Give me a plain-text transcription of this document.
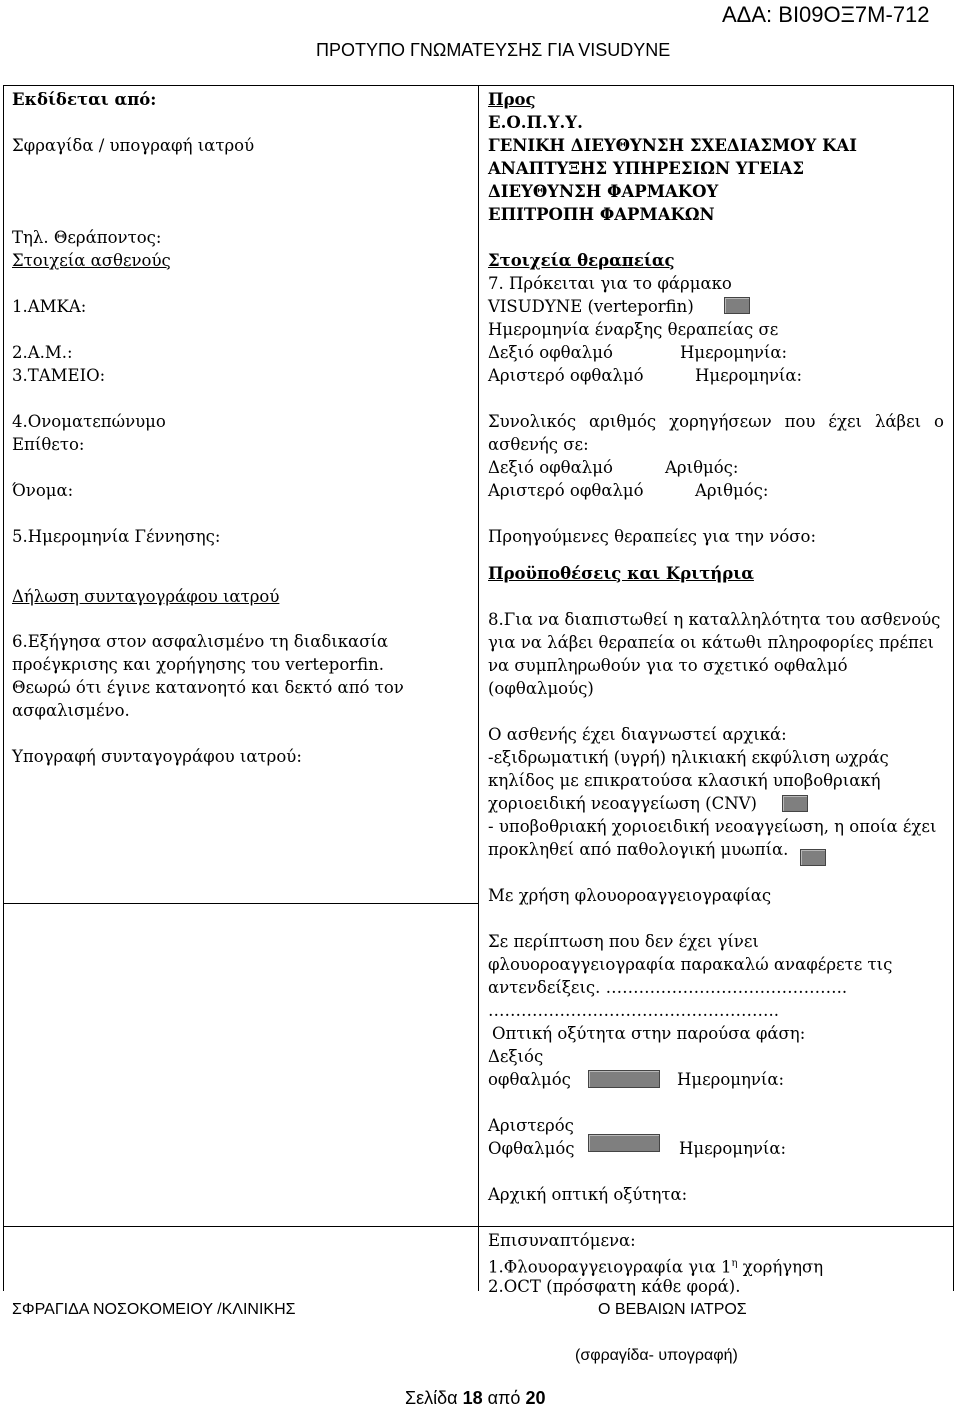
ΑΔΑ: ΒΙ09ΟΞ7Μ-712
ΠΡΟΤΥΠΟ ΓΝΩΜΑΤΕΥΣΗΣ ΓΙΑ VISUDYNE
Εκδίδεται από:
Σφραγίδα / υπογραφή ιατρού
Τηλ. Θεράποντος:
Στοιχεία ασθενούς
1.ΑΜΚΑ:
2.Α.Μ.:
3.ΤΑΜΕΙΟ:
4.Ονοματεπώνυμο
Επίθετο:
Όνομα:
5.Ημερομηνία Γέννησης:
Δήλωση συνταγογράφου ιατρού
6.Εξήγησα στον ασφαλισμένο τη διαδικασία
προέγκρισης και χορήγησης του verteporfin.
Θεωρώ ότι έγινε κατανοητό και δεκτό από τον
ασφαλισμένο.
Υπογραφή συνταγογράφου ιατρού:
Προς
Ε.Ο.Π.Υ.Υ.
ΓΕΝΙΚΗ ΔΙΕΥΘΥΝΣΗ ΣΧΕΔΙΑΣΜΟΥ ΚΑΙ
ΑΝΑΠΤΥΞΗΣ ΥΠΗΡΕΣΙΩΝ ΥΓΕΙΑΣ
ΔΙΕΥΘΥΝΣΗ ΦΑΡΜΑΚΟΥ
ΕΠΙΤΡΟΠΗ ΦΑΡΜΑΚΩΝ
Στοιχεία θεραπείας
7. Πρόκειται για το φάρμακο
VISUDYNE (verteporfin)
Ημερομηνία έναρξης θεραπείας σε
Δεξιό οφθαλμό	Ημερομηνία:
Αριστερό οφθαλμό	Ημερομηνία:
Συνολικός αριθμός χορηγήσεων που έχει λάβει ο
ασθενής σε:
Δεξιό οφθαλμό	Αριθμός:
Αριστερό οφθαλμό	Αριθμός:
Προηγούμενες θεραπείες για την νόσο:
Προϋποθέσεις και Κριτήρια
8.Για να διαπιστωθεί η καταλληλότητα του ασθενούς
για να λάβει θεραπεία οι κάτωθι πληροφορίες πρέπει
να συμπληρωθούν για το σχετικό οφθαλμό
(οφθαλμούς)
Ο ασθενής έχει διαγνωστεί αρχικά:
-εξιδρωματική (υγρή) ηλικιακή εκφύλιση ωχράς
κηλίδος με επικρατούσα κλασική υποβοθριακή
χοριοειδική νεοαγγείωση (CNV)
- υποβοθριακή χοριοειδική νεοαγγείωση, η οποία έχει
προκληθεί από παθολογική μυωπία.
Με χρήση φλουοροαγγειογραφίας
Σε περίπτωση που δεν έχει γίνει
φλουοροαγγειογραφία παρακαλώ αναφέρετε τις
αντενδείξεις. ……………………………………..
……………………………………………..
Οπτική οξύτητα στην παρούσα φάση:
Δεξιός
οφθαλμός	Ημερομηνία:
Αριστερός
Οφθαλμός	Ημερομηνία:
Αρχική οπτική οξύτητα:
Επισυναπτόμενα:
1.Φλουοραγγειογραφία για $1^\eta$ χορήγηση
2.OCT (πρόσφατη κάθε φορά).
ΣΦΡΑΓΙΔΑ ΝΟΣΟΚΟΜΕΙΟΥ /ΚΛΙΝΙΚΗΣ	Ο ΒΕΒΑΙΩΝ ΙΑΤΡΟΣ
(σφραγίδα- υπογραφή)
Σελίδα 18 από 20
